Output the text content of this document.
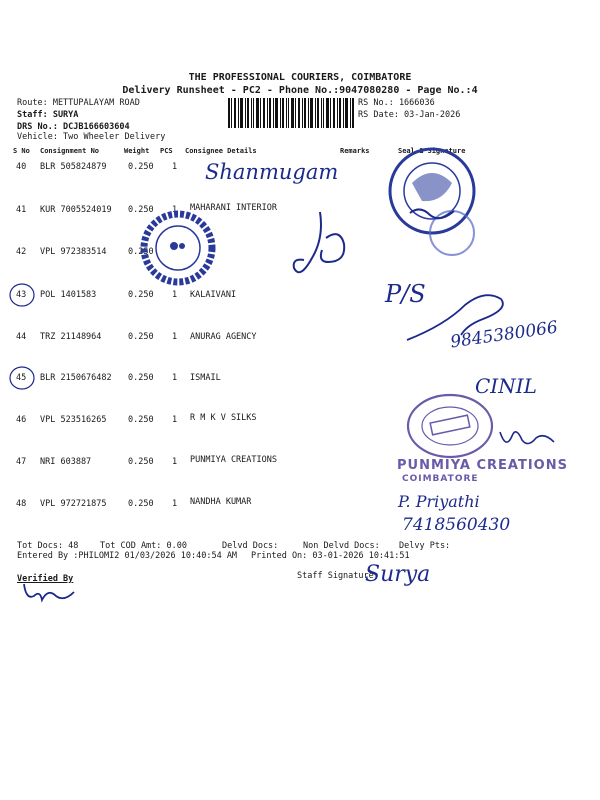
THE PROFESSIONAL COURIERS, COIMBATORE
Delivery Runsheet - PC2 - Phone No.:9047080280 - Page No.:4
Route: METTUPALAYAM ROAD
Staff: SURYA
DRS No.: DCJB166603604
Vehicle: Two Wheeler Delivery
RS No.: 1666036
RS Date: 03-Jan-2026
S No Consignment No	Weight PCS Consignee Details	Remarks	Seal & Signature
40 BLR 505824879	0.250 1
41 KUR 7005524019 0.250 1 MAHARANI INTERIOR
42 VPL 972383514	0.250
43 POL 1401583	0.250 1 KALAIVANI
44 TRZ 21148964	0.250 1 ANURAG AGENCY
45 BLR 2150676482 0.250 1 ISMAIL
46 VPL 523516265	0.250 1 R M K V SILKS
47 NRI 603887	0.250 1 PUNMIYA CREATIONS
48 VPL 972721875	0.250 1 NANDHA KUMAR
Tot Docs: 48	Tot COD Amt: 0.00	Delvd Docs:	Non Delvd Docs: Delvy Pts:
Entered By :PHILOMI2 01/03/2026 10:40:54 AM Printed On: 03-01-2026 10:41:51
Verified By	Staff Signature
Shanmugam
P/S
9845380066
CINIL
PUNMIYA CREATIONS
COIMBATORE
P. Priyathi
7418560430
Surya
